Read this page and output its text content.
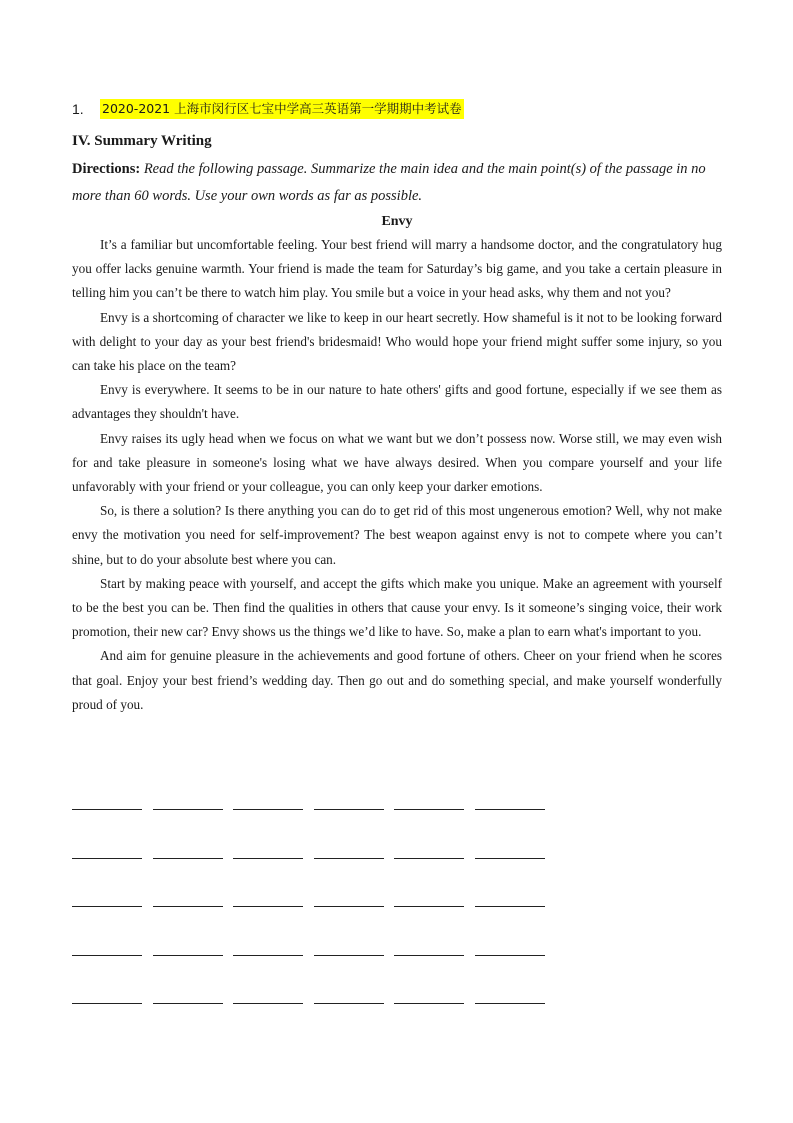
1.	2020-2021 上海市闵行区七宝中学高三英语第一学期期中考试卷
IV. Summary Writing
Directions: Read the following passage. Summarize the main idea and the main point(s) of the passage in no more than 60 words. Use your own words as far as possible.
Envy

It’s a familiar but uncomfortable feeling. Your best friend will marry a handsome doctor, and the congratulatory hug you offer lacks genuine warmth. Your friend is made the team for Saturday’s big game, and you take a certain pleasure in telling him you can’t be there to watch him play. You smile but a voice in your head asks, why them and not you?

Envy is a shortcoming of character we like to keep in our heart secretly. How shameful is it not to be looking forward with delight to your day as your best friend's bridesmaid! Who would hope your friend might suffer some injury, so you can take his place on the team?

Envy is everywhere. It seems to be in our nature to hate others' gifts and good fortune, especially if we see them as advantages they shouldn't have.

Envy raises its ugly head when we focus on what we want but we don’t possess now. Worse still, we may even wish for and take pleasure in someone's losing what we have always desired. When you compare yourself and your life unfavorably with your friend or your colleague, you can only keep your darker emotions.

So, is there a solution? Is there anything you can do to get rid of this most ungenerous emotion? Well, why not make envy the motivation you need for self-improvement? The best weapon against envy is not to compete where you can’t shine, but to do your absolute best where you can.

Start by making peace with yourself, and accept the gifts which make you unique. Make an agreement with yourself to be the best you can be. Then find the qualities in others that cause your envy. Is it someone’s singing voice, their work promotion, their new car? Envy shows us the things we’d like to have. So, make a plan to earn what's important to you.

And aim for genuine pleasure in the achievements and good fortune of others. Cheer on your friend when he scores that goal. Enjoy your best friend’s wedding day. Then go out and do something special, and make yourself wonderfully proud of you.
